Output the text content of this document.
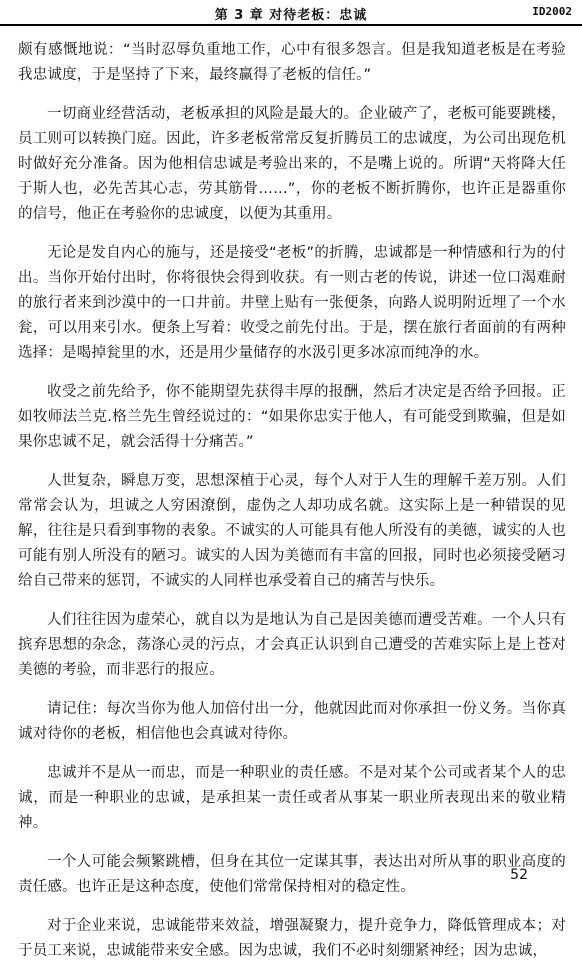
第 3 章 对待老板：忠诚	ID2002

颇有感慨地说：“当时忍辱负重地工作，心中有很多怨言。但是我知道老板是在考验我忠诚度，于是坚持了下来，最终赢得了老板的信任。”

一切商业经营活动，老板承担的风险是最大的。企业破产了，老板可能要跳楼，员工则可以转换门庭。因此，许多老板常常反复折腾员工的忠诚度，为公司出现危机时做好充分准备。因为他相信忠诚是考验出来的，不是嘴上说的。所谓“天将降大任于斯人也，必先苦其心志，劳其筋骨……”，你的老板不断折腾你，也许正是器重你的信号，他正在考验你的忠诚度，以便为其重用。

无论是发自内心的施与，还是接受“老板”的折腾，忠诚都是一种情感和行为的付出。当你开始付出时，你将很快会得到收获。有一则古老的传说，讲述一位口渴难耐的旅行者来到沙漠中的一口井前。井壁上贴有一张便条，向路人说明附近埋了一个水瓮，可以用来引水。便条上写着：收受之前先付出。于是，摆在旅行者面前的有两种选择：是喝掉瓮里的水，还是用少量储存的水汲引更多冰凉而纯净的水。

收受之前先给予，你不能期望先获得丰厚的报酬，然后才决定是否给予回报。正如牧师法兰克.格兰先生曾经说过的：“如果你忠实于他人，有可能受到欺骗，但是如果你忠诚不足，就会活得十分痛苦。”

人世复杂，瞬息万变，思想深植于心灵，每个人对于人生的理解千差万别。人们常常会认为，坦诚之人穷困潦倒，虚伪之人却功成名就。这实际上是一种错误的见解，往往是只看到事物的表象。不诚实的人可能具有他人所没有的美德，诚实的人也可能有别人所没有的陋习。诚实的人因为美德而有丰富的回报，同时也必须接受陋习给自己带来的惩罚，不诚实的人同样也承受着自己的痛苦与快乐。

人们往往因为虚荣心，就自以为是地认为自己是因美德而遭受苦难。一个人只有摈弃思想的杂念，荡涤心灵的污点，才会真正认识到自己遭受的苦难实际上是上苍对美德的考验，而非恶行的报应。

请记住：每次当你为他人加倍付出一分，他就因此而对你承担一份义务。当你真诚对待你的老板，相信他也会真诚对待你。

忠诚并不是从一而忠，而是一种职业的责任感。不是对某个公司或者某个人的忠诚，而是一种职业的忠诚，是承担某一责任或者从事某一职业所表现出来的敬业精神。

一个人可能会频繁跳槽，但身在其位一定谋其事，表达出对所从事的职业高度的责任感。也许正是这种态度，使他们常常保持相对的稳定性。

对于企业来说，忠诚能带来效益，增强凝聚力，提升竞争力，降低管理成本；对于员工来说，忠诚能带来安全感。因为忠诚，我们不必时刻绷紧神经；因为忠诚，

52
